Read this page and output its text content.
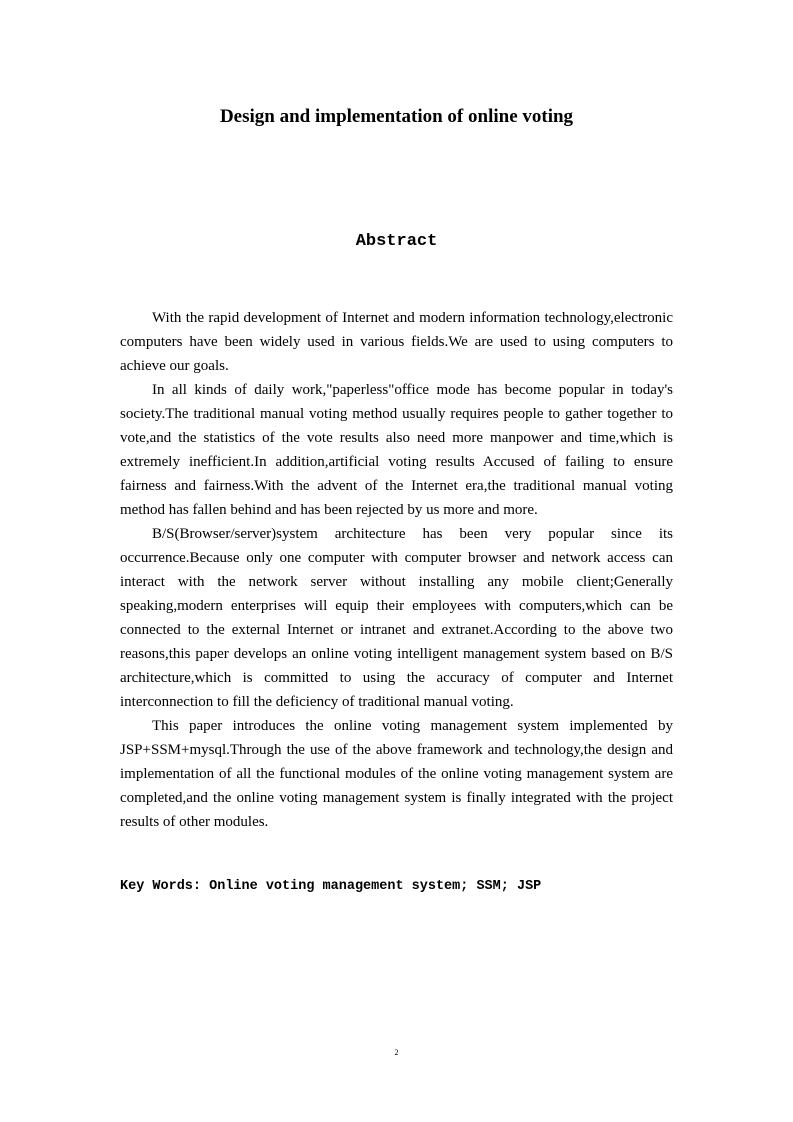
Design and implementation of online voting
Abstract

With the rapid development of Internet and modern information technology,electronic computers have been widely used in various fields.We are used to using computers to achieve our goals.

In all kinds of daily work,"paperless"office mode has become popular in today's society.The traditional manual voting method usually requires people to gather together to vote,and the statistics of the vote results also need more manpower and time,which is extremely inefficient.In addition,artificial voting results Accused of failing to ensure fairness and fairness.With the advent of the Internet era,the traditional manual voting method has fallen behind and has been rejected by us more and more.

B/S(Browser/server)system architecture has been very popular since its occurrence.Because only one computer with computer browser and network access can interact with the network server without installing any mobile client;Generally speaking,modern enterprises will equip their employees with computers,which can be connected to the external Internet or intranet and extranet.According to the above two reasons,this paper develops an online voting intelligent management system based on B/S architecture,which is committed to using the accuracy of computer and Internet interconnection to fill the deficiency of traditional manual voting.

This paper introduces the online voting management system implemented by JSP+SSM+mysql.Through the use of the above framework and technology,the design and implementation of all the functional modules of the online voting management system are completed,and the online voting management system is finally integrated with the project results of other modules.

Key Words: Online voting management system; SSM; JSP

2
